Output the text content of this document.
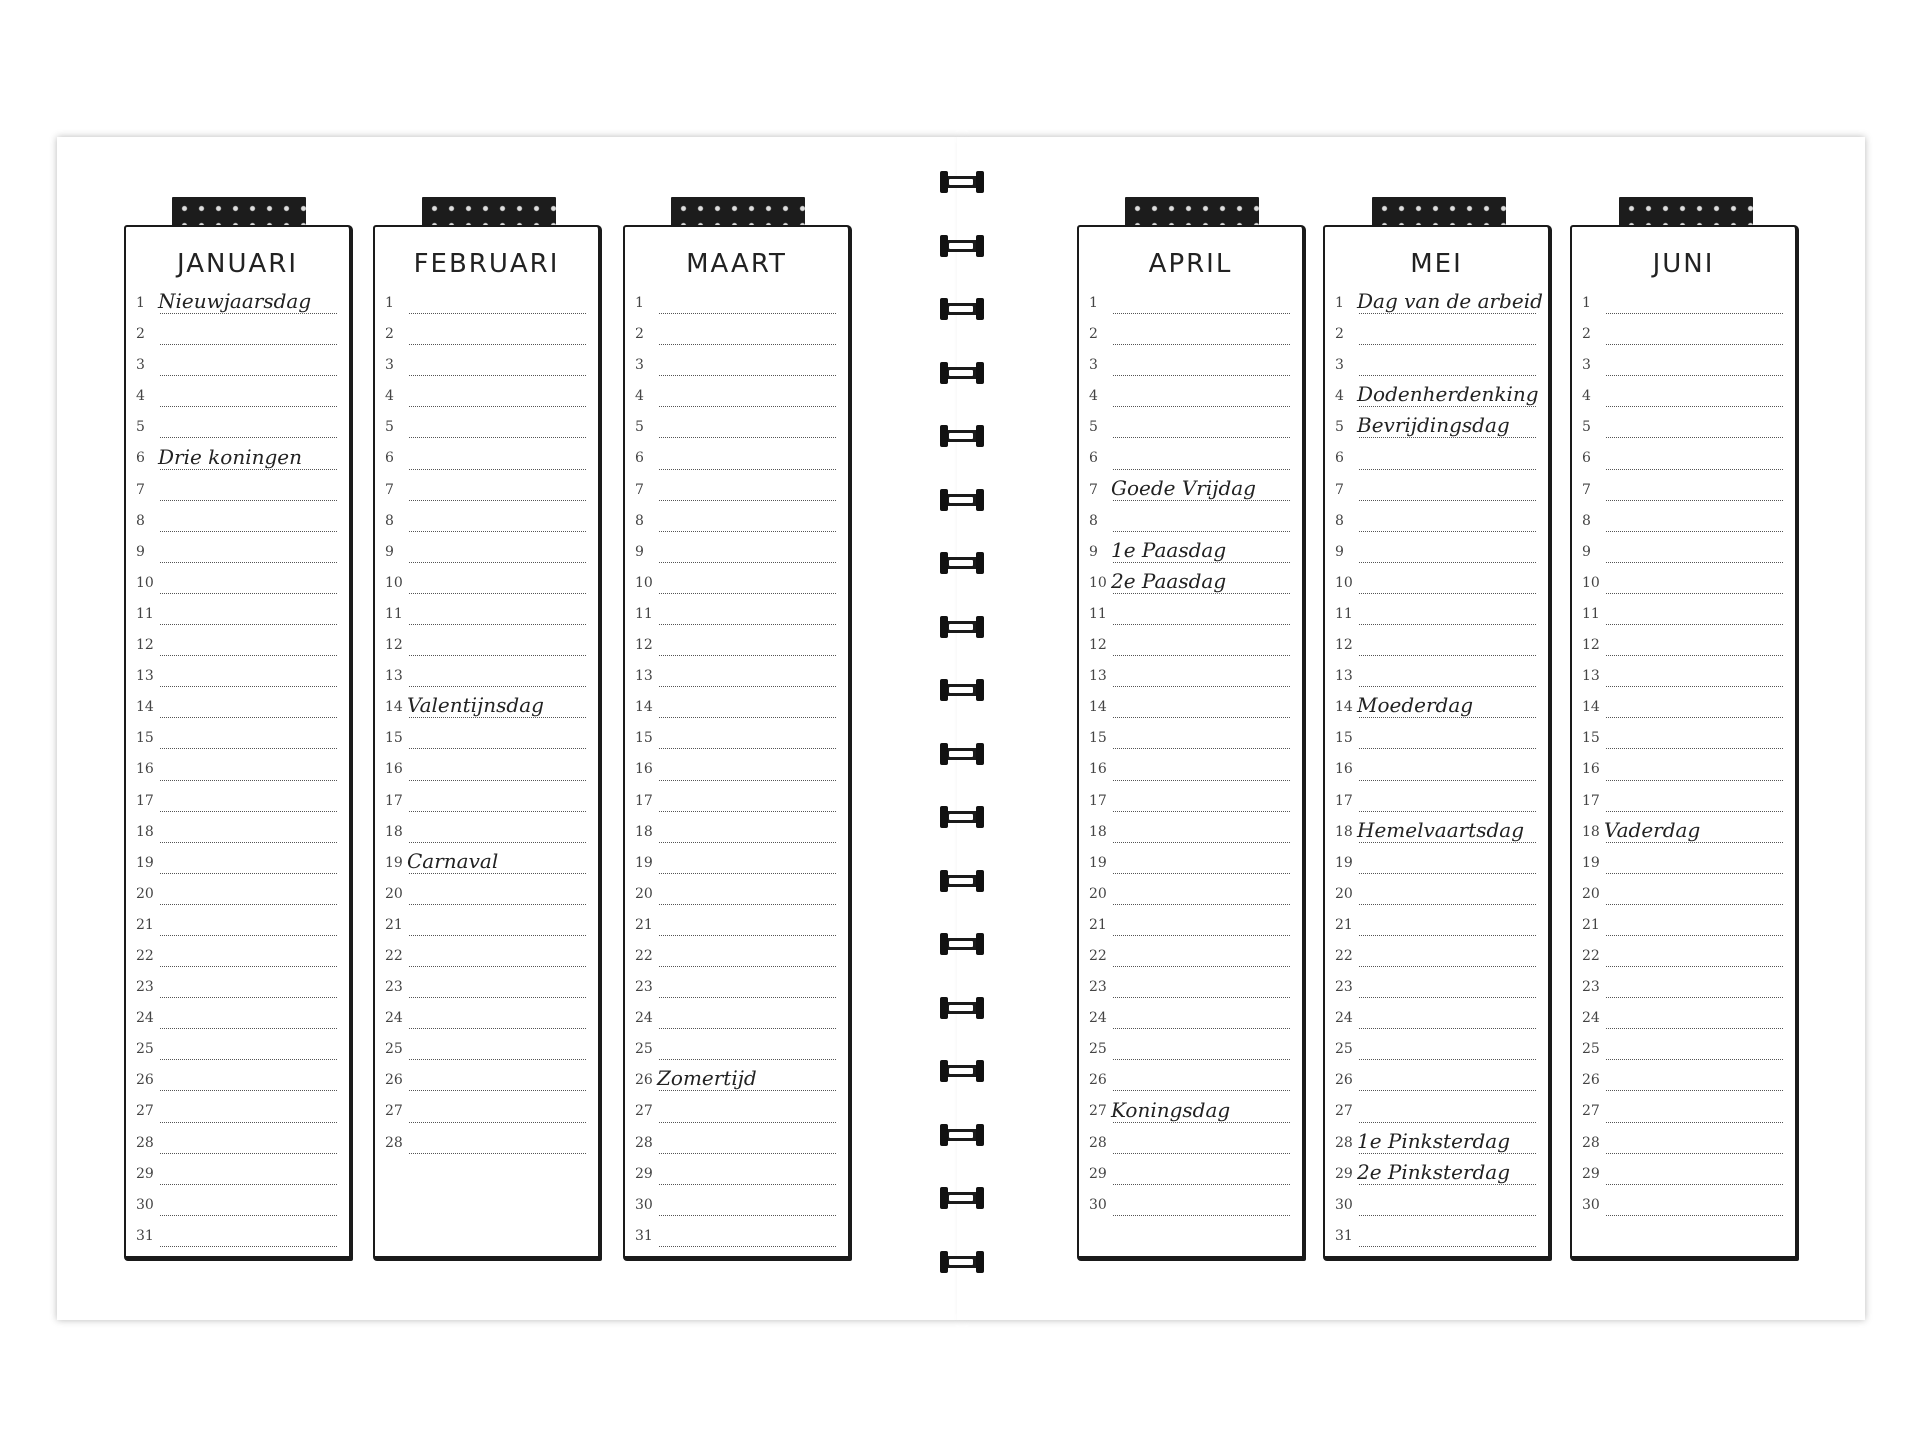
JANUARI
1 Nieuwjaarsdag
2
3
4
5
6 Drie koningen
7
8
9
10
11
12
13
14
15
16
17
18
19
20
21
22
23
24
25
26
27
28
29
30
31
FEBRUARI
1
2
3
4
5
6
7
8
9
10
11
12
13
14 Valentijnsdag
15
16
17
18
19 Carnaval
20
21
22
23
24
25
26
27
28
MAART
1
2
3
4
5
6
7
8
9
10
11
12
13
14
15
16
17
18
19
20
21
22
23
24
25
26 Zomertijd
27
28
29
30
31
APRIL
1
2
3
4
5
6
7 Goede Vrijdag
8
9 1e Paasdag
10 2e Paasdag
11
12
13
14
15
16
17
18
19
20
21
22
23
24
25
26
27 Koningsdag
28
29
30
MEI
1 Dag van de arbeid
2
3
4 Dodenherdenking
5 Bevrijdingsdag
6
7
8
9
10
11
12
13
14 Moederdag
15
16
17
18 Hemelvaartsdag
19
20
21
22
23
24
25
26
27
28 1e Pinksterdag
29 2e Pinksterdag
30
31
JUNI
1
2
3
4
5
6
7
8
9
10
11
12
13
14
15
16
17
18 Vaderdag
19
20
21
22
23
24
25
26
27
28
29
30
